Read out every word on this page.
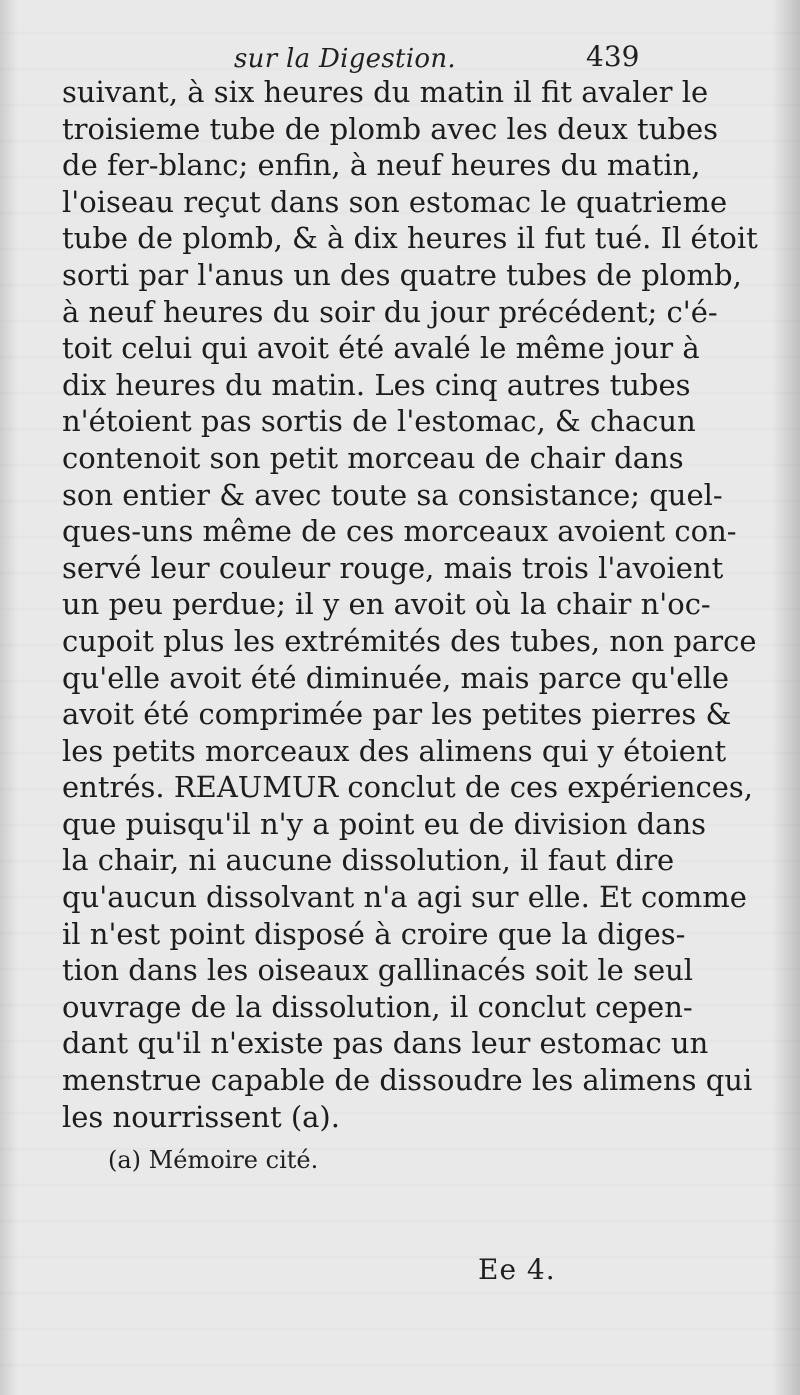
sur la Digestion.	439
suivant, à six heures du matin il fit avaler le
troisieme tube de plomb avec les deux tubes
de fer-blanc; enfin, à neuf heures du matin,
l'oiseau reçut dans son estomac le quatrieme
tube de plomb, & à dix heures il fut tué. Il étoit
sorti par l'anus un des quatre tubes de plomb,
à neuf heures du soir du jour précédent; c'é-
toit celui qui avoit été avalé le même jour à
dix heures du matin. Les cinq autres tubes
n'étoient pas sortis de l'estomac, & chacun
contenoit son petit morceau de chair dans
son entier & avec toute sa consistance; quel-
ques-uns même de ces morceaux avoient con-
servé leur couleur rouge, mais trois l'avoient
un peu perdue; il y en avoit où la chair n'oc-
cupoit plus les extrémités des tubes, non parce
qu'elle avoit été diminuée, mais parce qu'elle
avoit été comprimée par les petites pierres &
les petits morceaux des alimens qui y étoient
entrés. REAUMUR conclut de ces expériences,
que puisqu'il n'y a point eu de division dans
la chair, ni aucune dissolution, il faut dire
qu'aucun dissolvant n'a agi sur elle. Et comme
il n'est point disposé à croire que la diges-
tion dans les oiseaux gallinacés soit le seul
ouvrage de la dissolution, il conclut cepen-
dant qu'il n'existe pas dans leur estomac un
menstrue capable de dissoudre les alimens qui
les nourrissent (a).
(a) Mémoire cité.
Ee 4.
